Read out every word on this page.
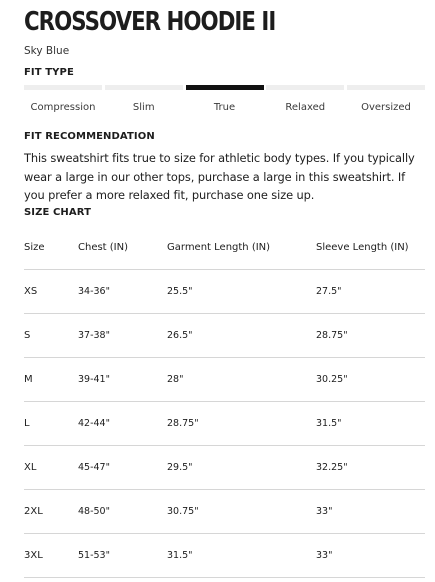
CROSSOVER HOODIE II
Sky Blue
FIT TYPE
Compression	Slim	True	Relaxed	Oversized
FIT RECOMMENDATION

This sweatshirt fits true to size for athletic body types. If you typically wear a large in our other tops, purchase a large in this sweatshirt. If you prefer a more relaxed fit, purchase one size up.

SIZE CHART
Size	Chest (IN)	Garment Length (IN)	Sleeve Length (IN)
XS	34-36"	25.5"	27.5"
S	37-38"	26.5"	28.75"
M	39-41"	28"	30.25"
L	42-44"	28.75"	31.5"
XL	45-47"	29.5"	32.25"
2XL	48-50"	30.75"	33"
3XL	51-53"	31.5"	33"
